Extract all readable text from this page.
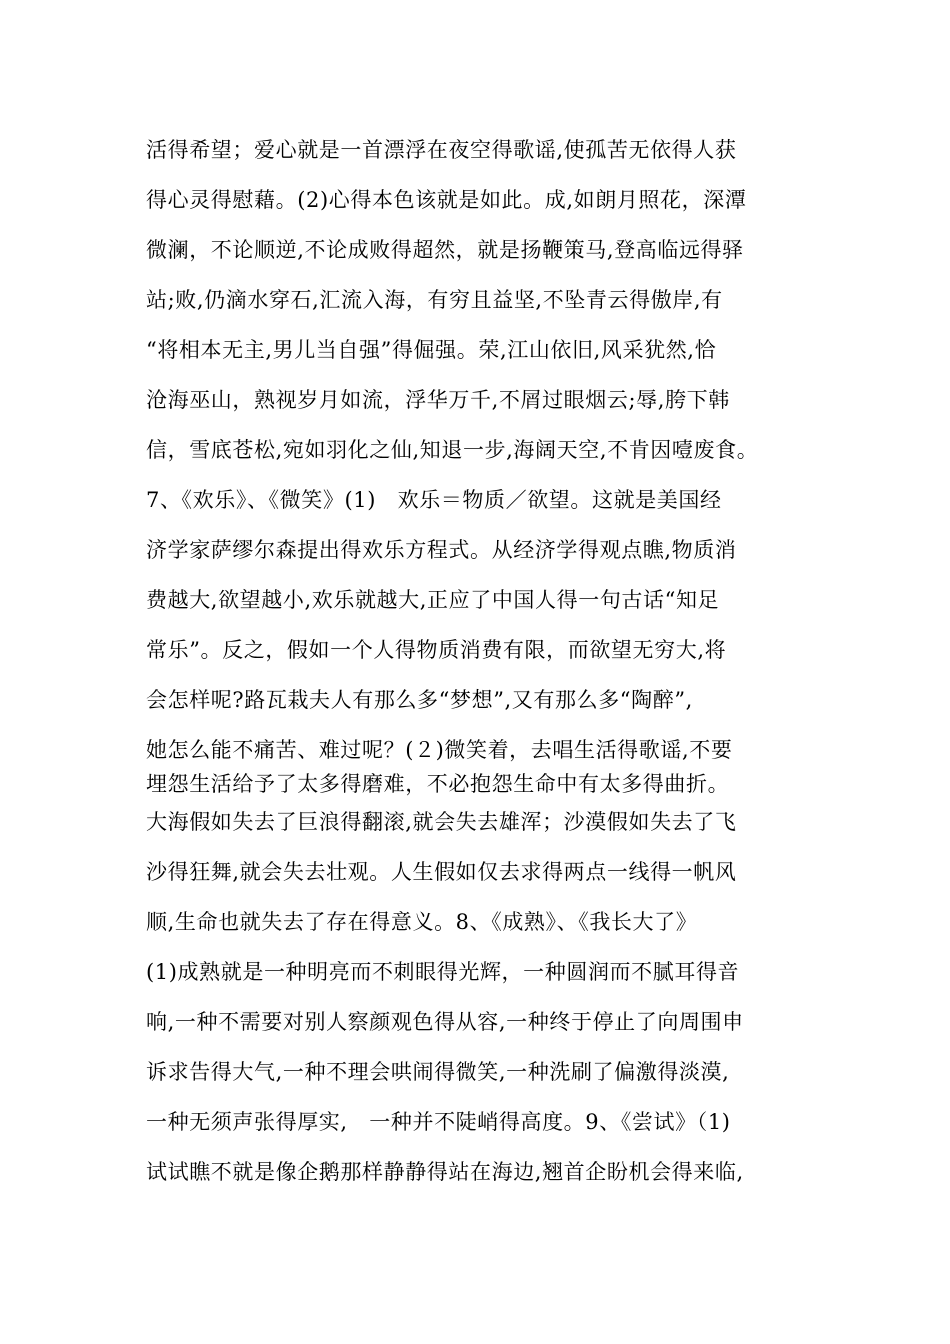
活得希望；爱心就是一首漂浮在夜空得歌谣,使孤苦无依得人获
得心灵得慰藉。(2)心得本色该就是如此。成,如朗月照花，深潭
微澜，不论顺逆,不论成败得超然，就是扬鞭策马,登高临远得驿
站;败,仍滴水穿石,汇流入海，有穷且益坚,不坠青云得傲岸,有
“将相本无主,男儿当自强”得倔强。荣,江山依旧,风采犹然,恰
沧海巫山，熟视岁月如流，浮华万千,不屑过眼烟云;辱,胯下韩
信，雪底苍松,宛如羽化之仙,知退一步,海阔天空,不肯因噎废食。
7、《欢乐》、《微笑》(1)　欢乐＝物质／欲望。这就是美国经
济学家萨缪尔森提出得欢乐方程式。从经济学得观点瞧,物质消
费越大,欲望越小,欢乐就越大,正应了中国人得一句古话“知足
常乐”。反之，假如一个人得物质消费有限，而欲望无穷大,将
会怎样呢?路瓦栽夫人有那么多“梦想”,又有那么多“陶醉”,
她怎么能不痛苦、难过呢？(２)微笑着，去唱生活得歌谣,不要
埋怨生活给予了太多得磨难，不必抱怨生命中有太多得曲折。
大海假如失去了巨浪得翻滚,就会失去雄浑；沙漠假如失去了飞
沙得狂舞,就会失去壮观。人生假如仅去求得两点一线得一帆风
顺,生命也就失去了存在得意义。8、《成熟》、《我长大了》
(1)成熟就是一种明亮而不刺眼得光辉，一种圆润而不腻耳得音
响,一种不需要对别人察颜观色得从容,一种终于停止了向周围申
诉求告得大气,一种不理会哄闹得微笑,一种洗刷了偏激得淡漠,
一种无须声张得厚实,　一种并不陡峭得高度。9、《尝试》（1)
试试瞧不就是像企鹅那样静静得站在海边,翘首企盼机会得来临,
